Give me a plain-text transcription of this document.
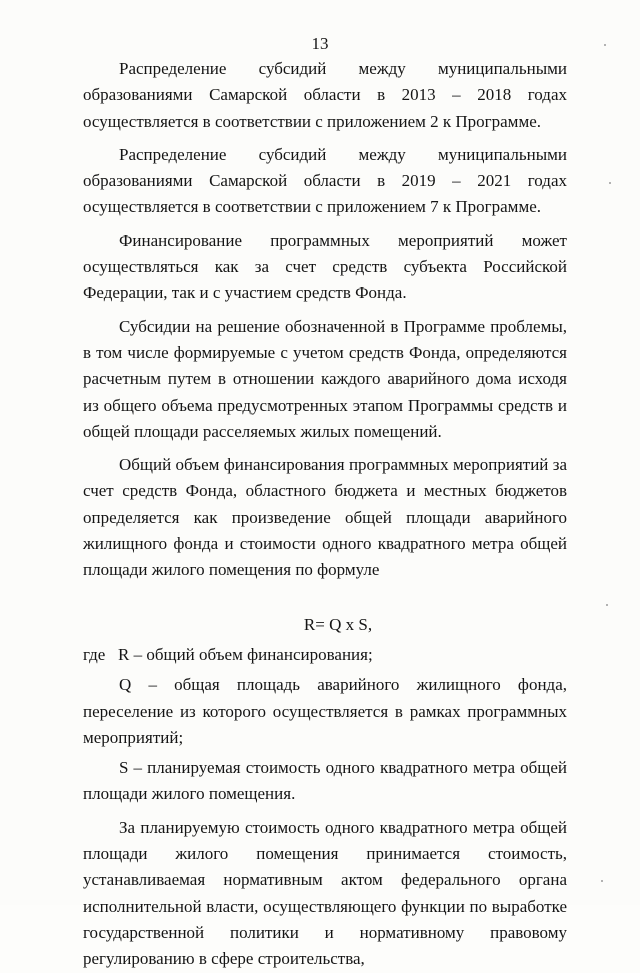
13

Распределение субсидий между муниципальными образованиями Самарской области в 2013 – 2018 годах осуществляется в соответствии с приложением 2 к Программе.

Распределение субсидий между муниципальными образованиями Самарской области в 2019 – 2021 годах осуществляется в соответствии с приложением 7 к Программе.

Финансирование программных мероприятий может осуществляться как за счет средств субъекта Российской Федерации, так и с участием средств Фонда.

Субсидии на решение обозначенной в Программе проблемы, в том числе формируемые с учетом средств Фонда, определяются расчетным путем в отношении каждого аварийного дома исходя из общего объема предусмотренных этапом Программы средств и общей площади расселяемых жилых помещений.

Общий объем финансирования программных мероприятий за счет средств Фонда, областного бюджета и местных бюджетов определяется как произведение общей площади аварийного жилищного фонда и стоимости одного квадратного метра общей площади жилого помещения по формуле

R= Q x S,

где R – общий объем финансирования;

Q – общая площадь аварийного жилищного фонда, переселение из которого осуществляется в рамках программных мероприятий;

S – планируемая стоимость одного квадратного метра общей площади жилого помещения.

За планируемую стоимость одного квадратного метра общей площади жилого помещения принимается стоимость, устанавливаемая нормативным актом федерального органа исполнительной власти, осуществляющего функции по выработке государственной политики и нормативному правовому регулированию в сфере строительства,
